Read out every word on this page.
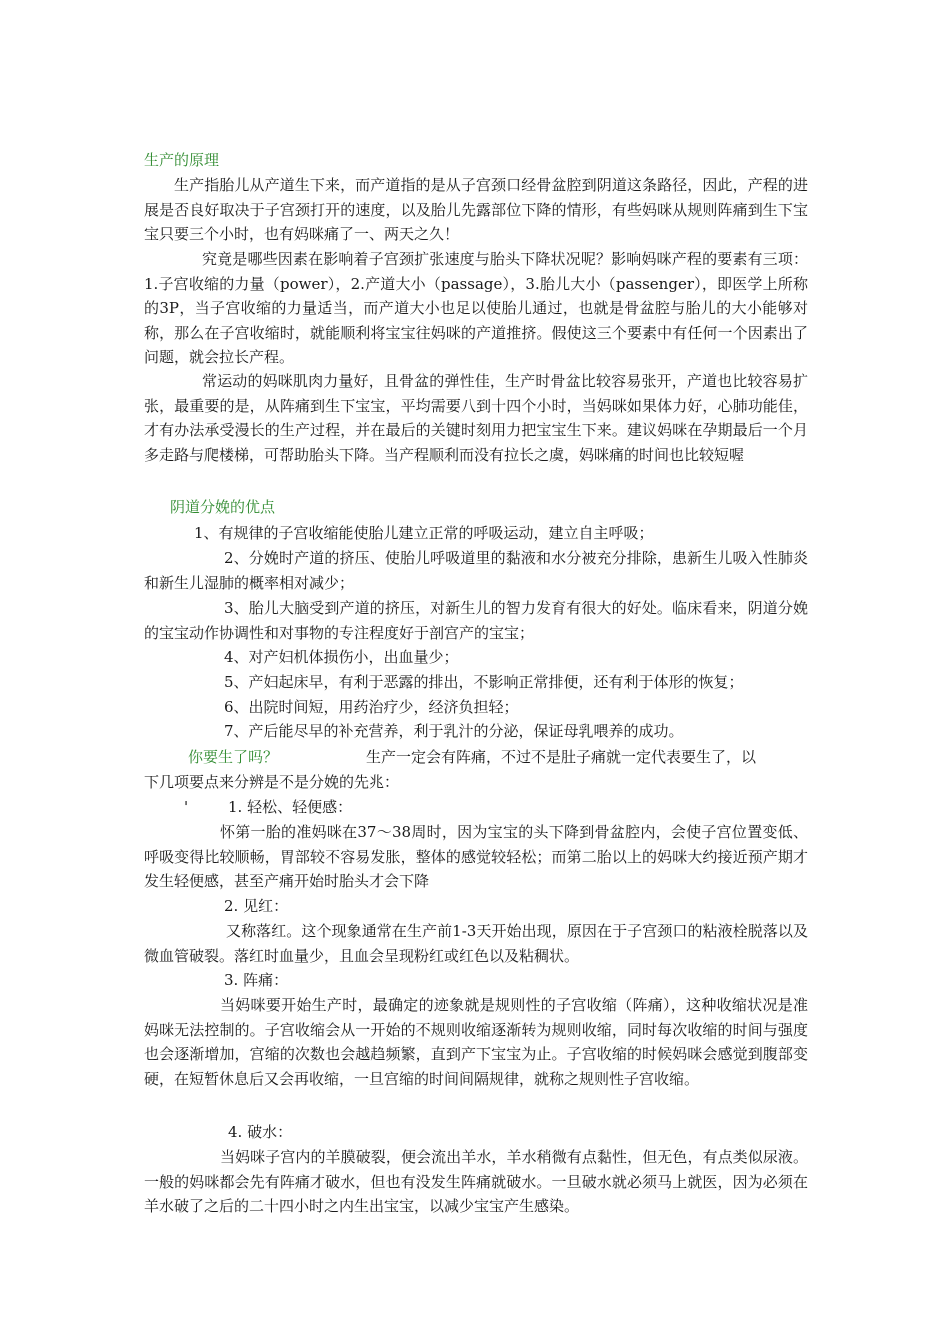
生产的原理
生产指胎儿从产道生下来，而产道指的是从子宫颈口经骨盆腔到阴道这条路径，因此，产程的进展是否良好取决于子宫颈打开的速度，以及胎儿先露部位下降的情形，有些妈咪从规则阵痛到生下宝宝只要三个小时，也有妈咪痛了一、两天之久！
究竟是哪些因素在影响着子宫颈扩张速度与胎头下降状况呢？影响妈咪产程的要素有三项：1.子宫收缩的力量（power），2.产道大小（passage），3.胎儿大小（passenger），即医学上所称的3P，当子宫收缩的力量适当，而产道大小也足以使胎儿通过，也就是骨盆腔与胎儿的大小能够对称，那么在子宫收缩时，就能顺利将宝宝往妈咪的产道推挤。假使这三个要素中有任何一个因素出了问题，就会拉长产程。
常运动的妈咪肌肉力量好，且骨盆的弹性佳，生产时骨盆比较容易张开，产道也比较容易扩张，最重要的是，从阵痛到生下宝宝，平均需要八到十四个小时，当妈咪如果体力好，心肺功能佳，才有办法承受漫长的生产过程，并在最后的关键时刻用力把宝宝生下来。建议妈咪在孕期最后一个月多走路与爬楼梯，可帮助胎头下降。当产程顺利而没有拉长之虞，妈咪痛的时间也比较短喔
阴道分娩的优点
1、有规律的子宫收缩能使胎儿建立正常的呼吸运动，建立自主呼吸；
2、分娩时产道的挤压、使胎儿呼吸道里的黏液和水分被充分排除，患新生儿吸入性肺炎和新生儿湿肺的概率相对减少；
3、胎儿大脑受到产道的挤压，对新生儿的智力发育有很大的好处。临床看来，阴道分娩的宝宝动作协调性和对事物的专注程度好于剖宫产的宝宝；
4、对产妇机体损伤小，出血量少；
5、产妇起床早，有利于恶露的排出，不影响正常排便，还有利于体形的恢复；
6、出院时间短，用药治疗少，经济负担轻；
7、产后能尽早的补充营养，利于乳汁的分泌，保证母乳喂养的成功。
你要生了吗？	生产一定会有阵痛，不过不是肚子痛就一定代表要生了，以
下几项要点来分辨是不是分娩的先兆：
'	1. 轻松、轻便感：
怀第一胎的准妈咪在37～38周时，因为宝宝的头下降到骨盆腔内，会使子宫位置变低、呼吸变得比较顺畅，胃部较不容易发胀，整体的感觉较轻松；而第二胎以上的妈咪大约接近预产期才发生轻便感，甚至产痛开始时胎头才会下降
2. 见红：
又称落红。这个现象通常在生产前1-3天开始出现，原因在于子宫颈口的粘液栓脱落以及微血管破裂。落红时血量少，且血会呈现粉红或红色以及粘稠状。
3. 阵痛：
当妈咪要开始生产时，最确定的迹象就是规则性的子宫收缩（阵痛），这种收缩状况是准妈咪无法控制的。子宫收缩会从一开始的不规则收缩逐渐转为规则收缩，同时每次收缩的时间与强度也会逐渐增加，宫缩的次数也会越趋频繁，直到产下宝宝为止。子宫收缩的时候妈咪会感觉到腹部变硬，在短暂休息后又会再收缩，一旦宫缩的时间间隔规律，就称之规则性子宫收缩。
4. 破水：
当妈咪子宫内的羊膜破裂，便会流出羊水，羊水稍微有点黏性，但无色，有点类似尿液。一般的妈咪都会先有阵痛才破水，但也有没发生阵痛就破水。一旦破水就必须马上就医，因为必须在羊水破了之后的二十四小时之内生出宝宝，以减少宝宝产生感染。
